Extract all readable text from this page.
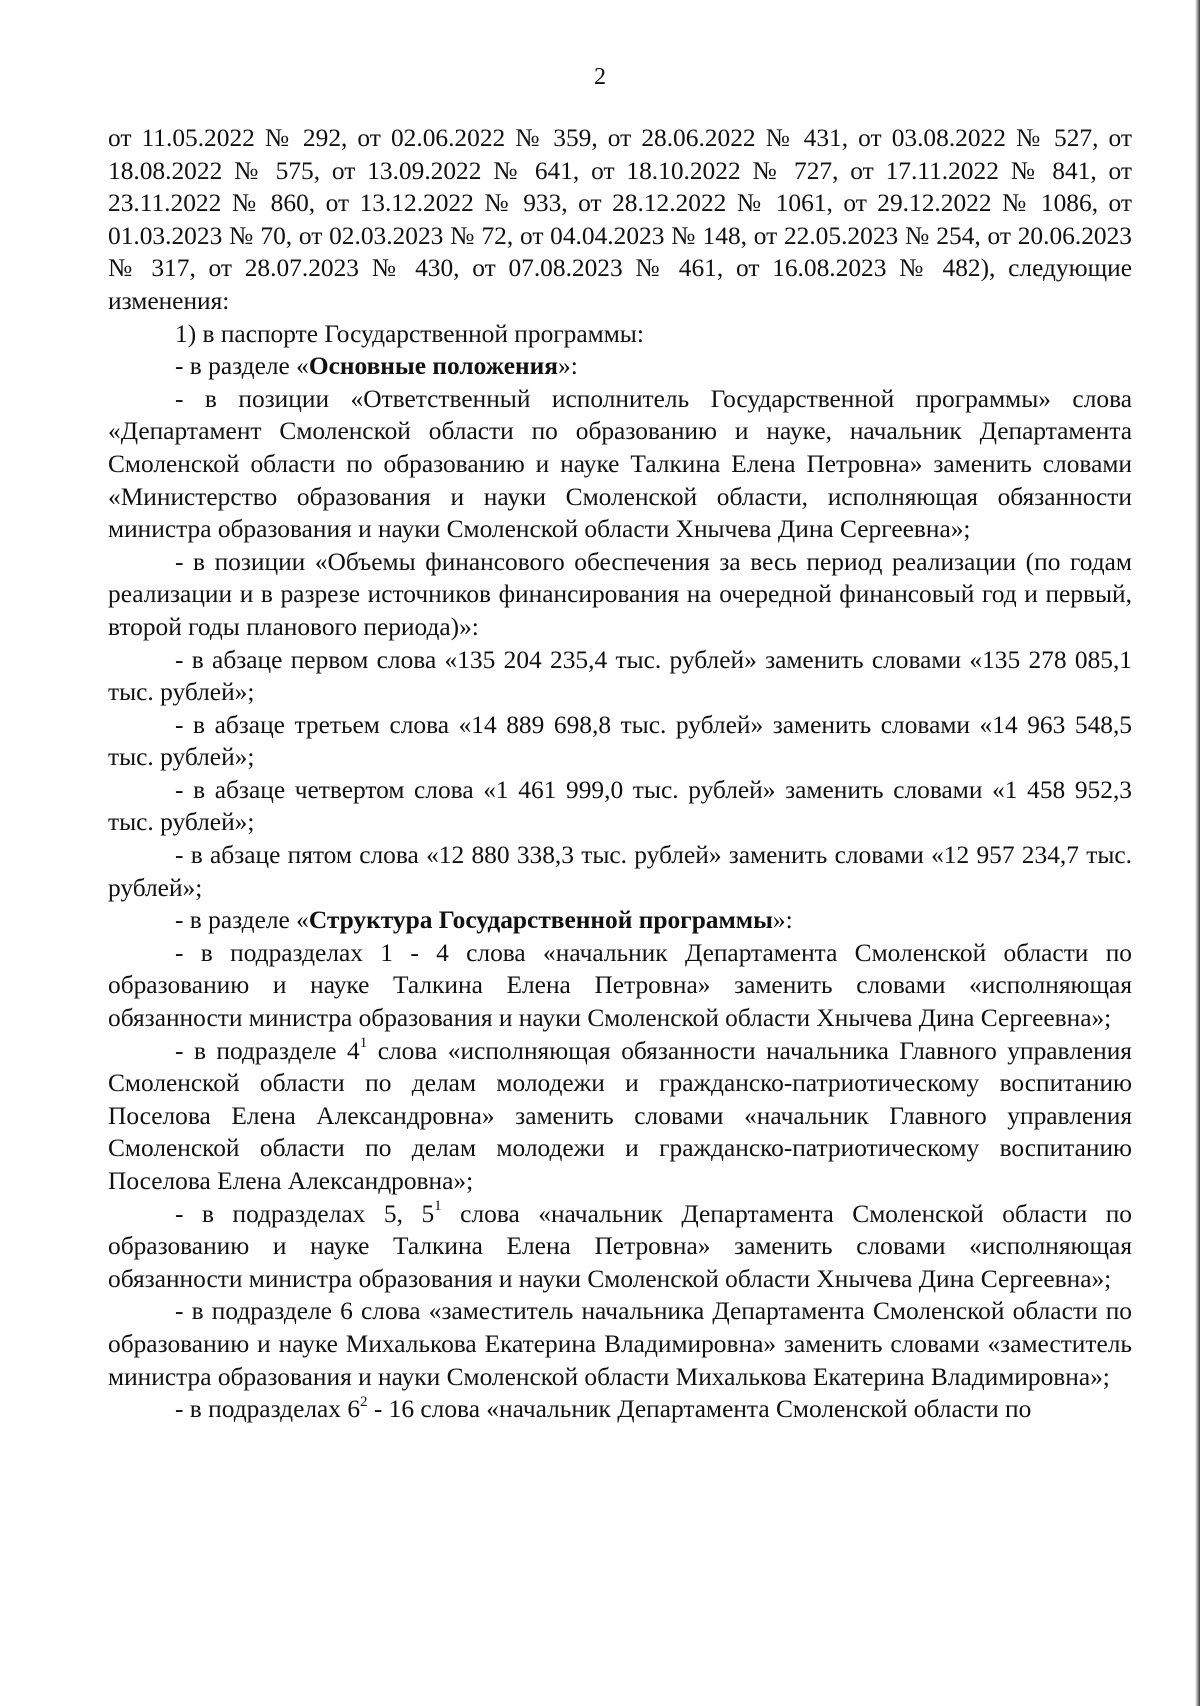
2

от 11.05.2022 № 292, от 02.06.2022 № 359, от 28.06.2022 № 431, от 03.08.2022 № 527, от 18.08.2022 № 575, от 13.09.2022 № 641, от 18.10.2022 № 727, от 17.11.2022 № 841, от 23.11.2022 № 860, от 13.12.2022 № 933, от 28.12.2022 № 1061, от 29.12.2022 № 1086, от 01.03.2023 № 70, от 02.03.2023 № 72, от 04.04.2023 № 148, от 22.05.2023 № 254, от 20.06.2023 № 317, от 28.07.2023 № 430, от 07.08.2023 № 461, от 16.08.2023 № 482), следующие изменения:

1) в паспорте Государственной программы:

- в разделе «Основные положения»:

- в позиции «Ответственный исполнитель Государственной программы» слова «Департамент Смоленской области по образованию и науке, начальник Департамента Смоленской области по образованию и науке Талкина Елена Петровна» заменить словами «Министерство образования и науки Смоленской области, исполняющая обязанности министра образования и науки Смоленской области Хнычева Дина Сергеевна»;

- в позиции «Объемы финансового обеспечения за весь период реализации (по годам реализации и в разрезе источников финансирования на очередной финансовый год и первый, второй годы планового периода)»:

- в абзаце первом слова «135 204 235,4 тыс. рублей» заменить словами «135 278 085,1 тыс. рублей»;

- в абзаце третьем слова «14 889 698,8 тыс. рублей» заменить словами «14 963 548,5 тыс. рублей»;

- в абзаце четвертом слова «1 461 999,0 тыс. рублей» заменить словами «1 458 952,3 тыс. рублей»;

- в абзаце пятом слова «12 880 338,3 тыс. рублей» заменить словами «12 957 234,7 тыс. рублей»;

- в разделе «Структура Государственной программы»:

- в подразделах 1 - 4 слова «начальник Департамента Смоленской области по образованию и науке Талкина Елена Петровна» заменить словами «исполняющая обязанности министра образования и науки Смоленской области Хнычева Дина Сергеевна»;

- в подразделе $4^1$ слова «исполняющая обязанности начальника Главного управления Смоленской области по делам молодежи и гражданско-патриотическому воспитанию Поселова Елена Александровна» заменить словами «начальник Главного управления Смоленской области по делам молодежи и гражданско-патриотическому воспитанию Поселова Елена Александровна»;

- в подразделах 5, $5^1$ слова «начальник Департамента Смоленской области по образованию и науке Талкина Елена Петровна» заменить словами «исполняющая обязанности министра образования и науки Смоленской области Хнычева Дина Сергеевна»;

- в подразделе 6 слова «заместитель начальника Департамента Смоленской области по образованию и науке Михалькова Екатерина Владимировна» заменить словами «заместитель министра образования и науки Смоленской области Михалькова Екатерина Владимировна»;

- в подразделах $6^2 - 16$ слова «начальник Департамента Смоленской области по
